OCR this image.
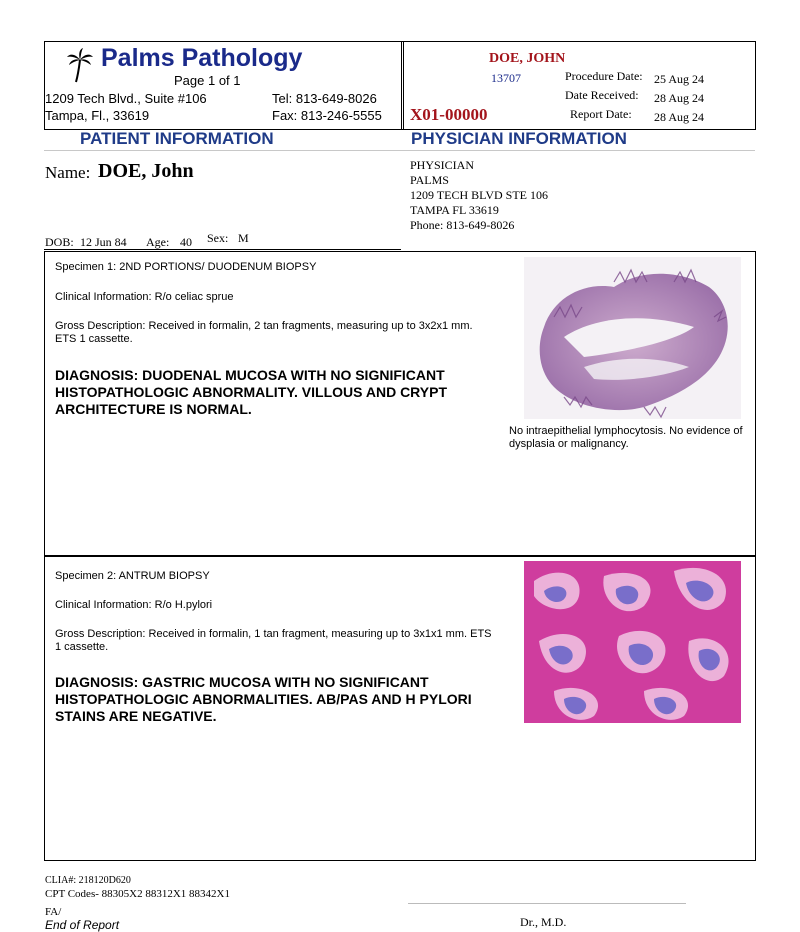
Palms Pathology
Page 1 of 1
1209 Tech Blvd., Suite #106
Tampa, Fl., 33619
Tel: 813-649-8026
Fax: 813-246-5555
DOE, JOHN
13707
X01-00000
Procedure Date: 25 Aug 24
Date Received: 28 Aug 24
Report Date: 28 Aug 24
PATIENT INFORMATION	PHYSICIAN INFORMATION
Name: DOE, John
DOB: 12 Jun 84 Age: 40 Sex: M
PHYSICIAN
PALMS
1209 TECH BLVD STE 106
TAMPA FL 33619
Phone: 813-649-8026
Specimen 1: 2ND PORTIONS/ DUODENUM BIOPSY
Clinical Information: R/o celiac sprue
Gross Description: Received in formalin, 2 tan fragments, measuring up to 3x2x1 mm. ETS 1 cassette.
DIAGNOSIS: DUODENAL MUCOSA WITH NO SIGNIFICANT HISTOPATHOLOGIC ABNORMALITY. VILLOUS AND CRYPT ARCHITECTURE IS NORMAL.
No intraepithelial lymphocytosis. No evidence of dysplasia or malignancy.
Specimen 2: ANTRUM BIOPSY
Clinical Information: R/o H.pylori
Gross Description: Received in formalin, 1 tan fragment, measuring up to 3x1x1 mm. ETS 1 cassette.
DIAGNOSIS: GASTRIC MUCOSA WITH NO SIGNIFICANT HISTOPATHOLOGIC ABNORMALITIES. AB/PAS AND H PYLORI STAINS ARE NEGATIVE.
CLIA#: 218120D620
CPT Codes- 88305X2 88312X1 88342X1
FA/
End of Report	Dr., M.D.
